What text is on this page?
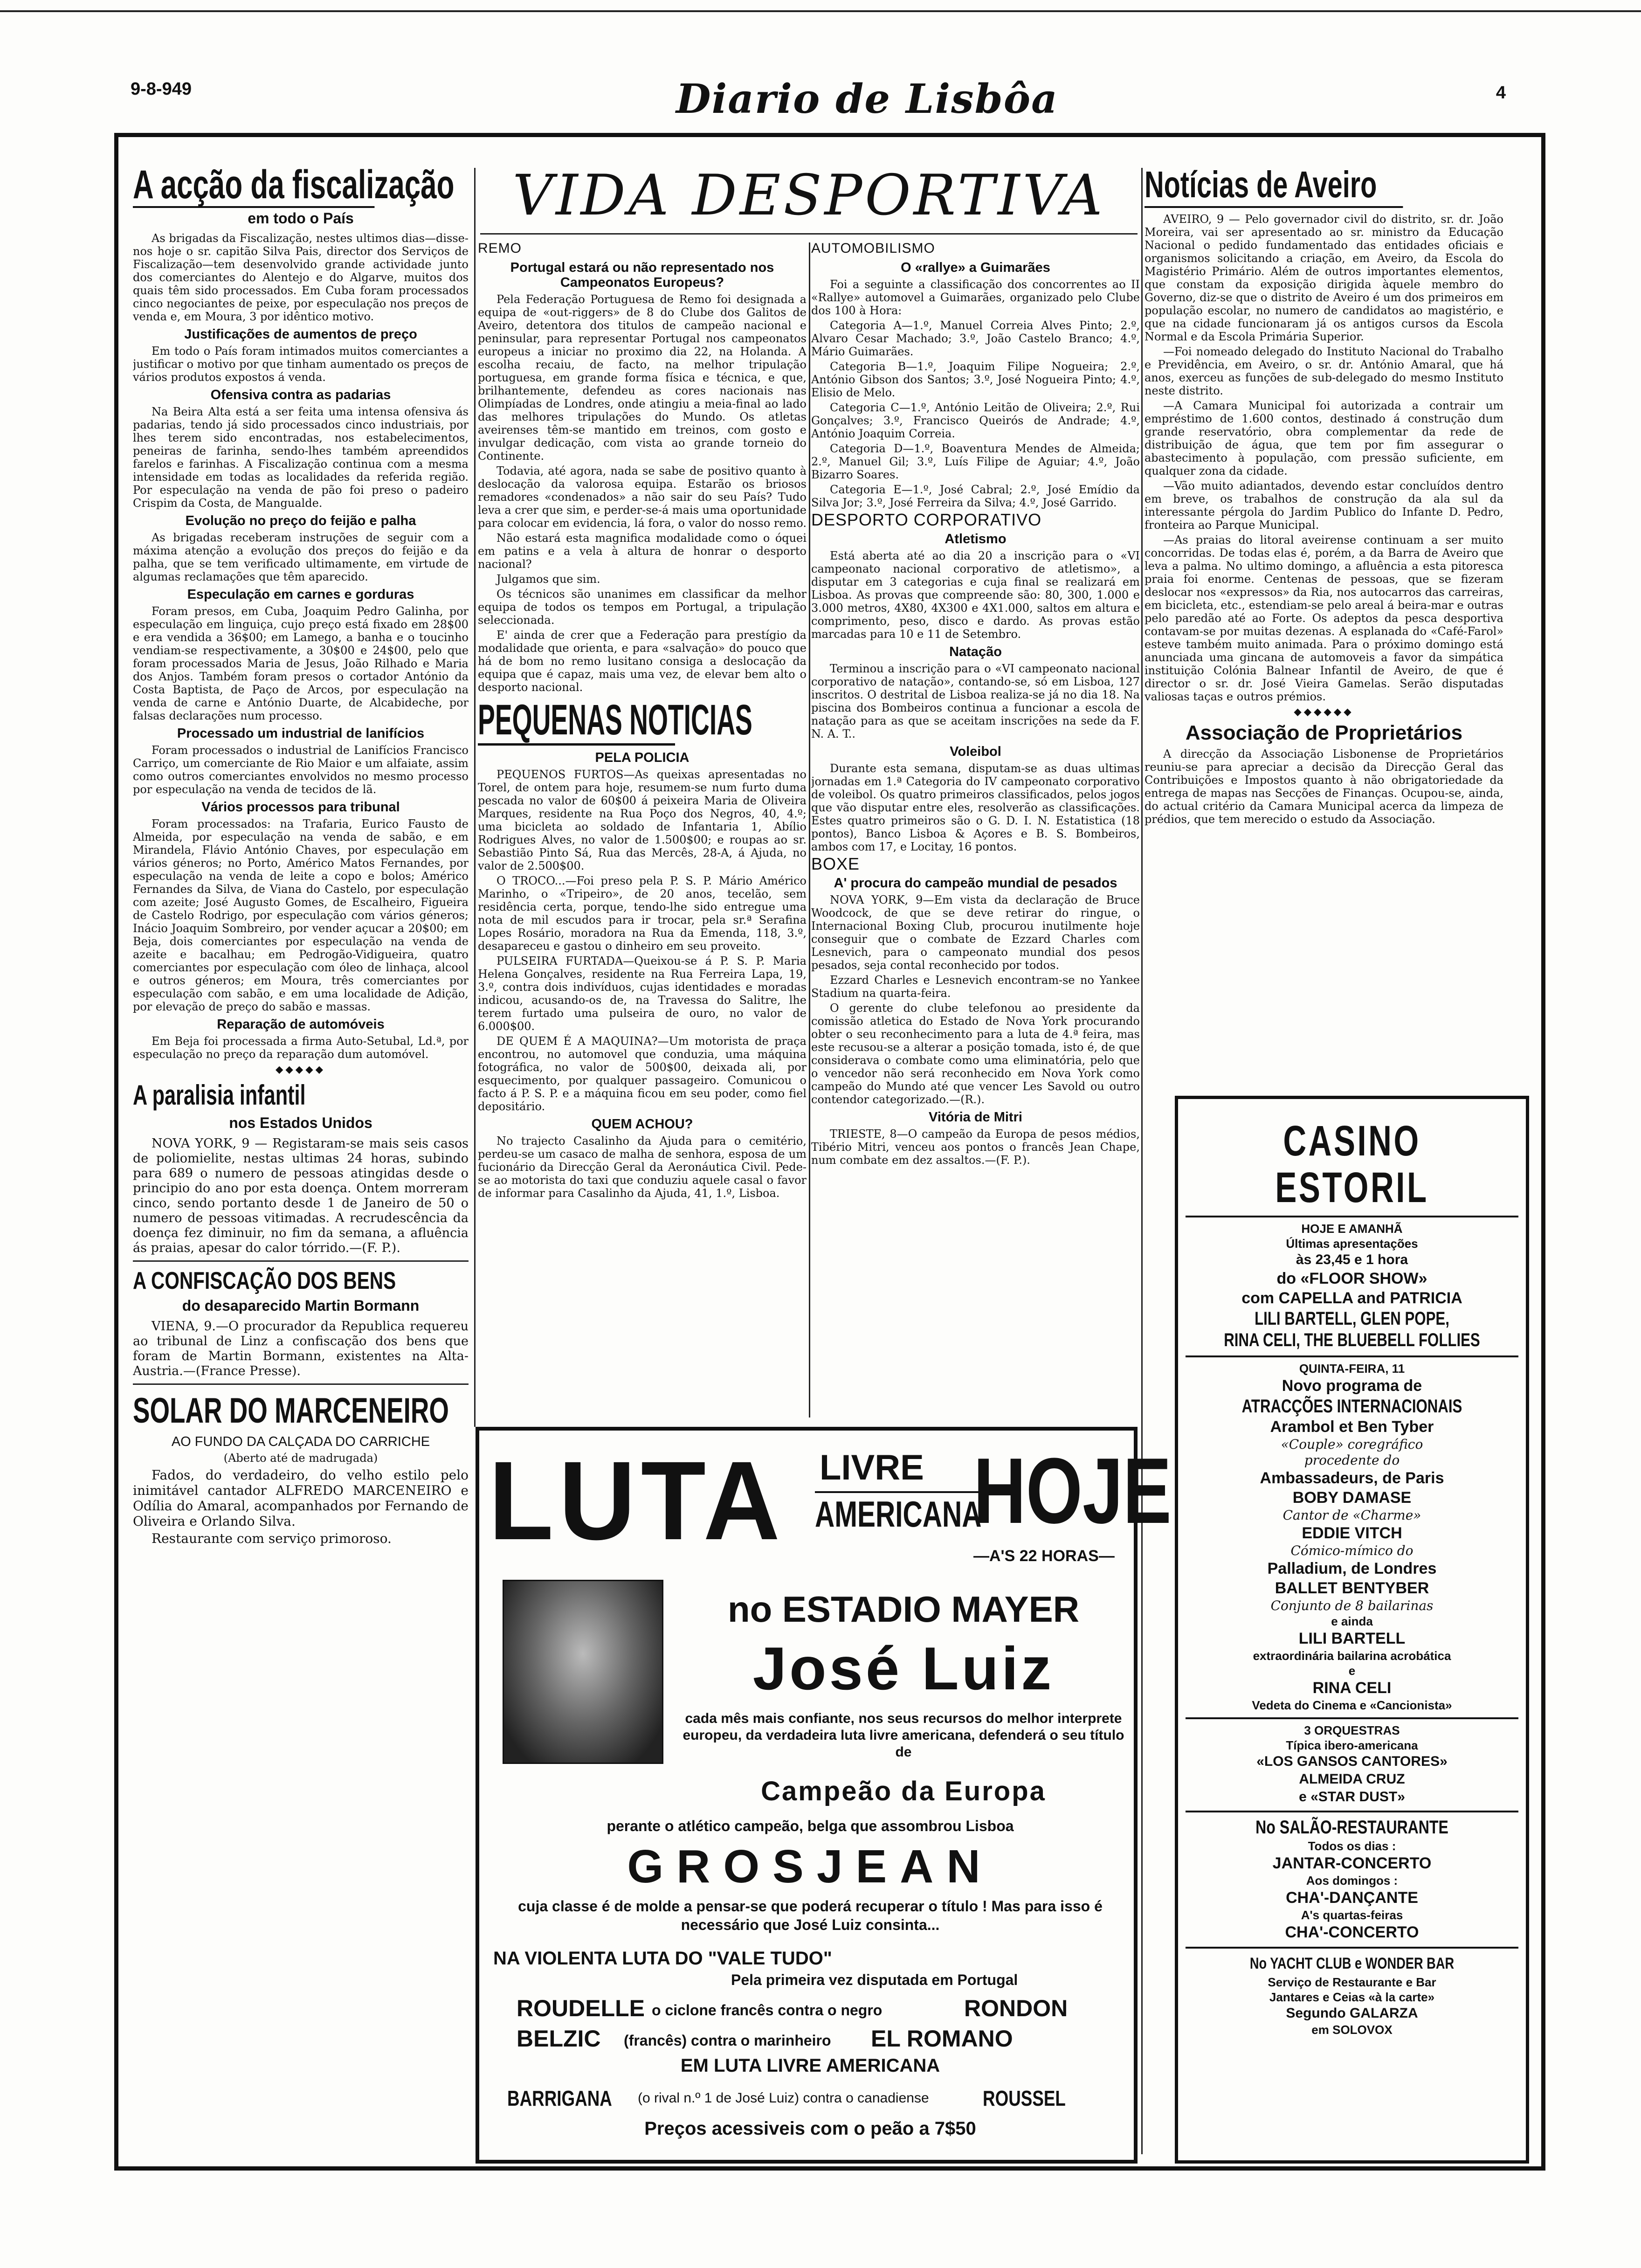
9-8-949	Diario de Lisbôa	4
A acção da fiscalização
em todo o País

As brigadas da Fiscalização, nestes ultimos dias—disse-nos hoje o sr. capitão Silva Pais, director dos Serviços de Fiscalização—tem desenvolvido grande actividade junto dos comerciantes do Alentejo e do Algarve, muitos dos quais têm sido processados. Em Cuba foram processados cinco negociantes de peixe, por especulação nos preços de venda e, em Moura, 3 por idêntico motivo.

Justificações de aumentos de preço

Em todo o País foram intimados muitos comerciantes a justificar o motivo por que tinham aumentado os preços de vários produtos expostos á venda.

Ofensiva contra as padarias

Na Beira Alta está a ser feita uma intensa ofensiva ás padarias, tendo já sido processados cinco industriais, por lhes terem sido encontradas, nos estabelecimentos, peneiras de farinha, sendo-lhes também apreendidos farelos e farinhas. A Fiscalização continua com a mesma intensidade em todas as localidades da referida região. Por especulação na venda de pão foi preso o padeiro Crispim da Costa, de Mangualde.

Evolução no preço do feijão e palha

As brigadas receberam instruções de seguir com a máxima atenção a evolução dos preços do feijão e da palha, que se tem verificado ultimamente, em virtude de algumas reclamações que têm aparecido.

Especulação em carnes e gorduras

Foram presos, em Cuba, Joaquim Pedro Galinha, por especulação em linguiça, cujo preço está fixado em 28$00 e era vendida a 36$00; em Lamego, a banha e o toucinho vendiam-se respectivamente, a 30$00 e 24$00, pelo que foram processados Maria de Jesus, João Rilhado e Maria dos Anjos. Também foram presos o cortador António da Costa Baptista, de Paço de Arcos, por especulação na venda de carne e António Duarte, de Alcabideche, por falsas declarações num processo.

Processado um industrial de lanifícios

Foram processados o industrial de Lanifícios Francisco Carriço, um comerciante de Rio Maior e um alfaiate, assim como outros comerciantes envolvidos no mesmo processo por especulação na venda de tecidos de lã.

Vários processos para tribunal

Foram processados: na Trafaria, Eurico Fausto de Almeida, por especulação na venda de sabão, e em Mirandela, Flávio António Chaves, por especulação em vários géneros; no Porto, Américo Matos Fernandes, por especulação na venda de leite a copo e bolos; Américo Fernandes da Silva, de Viana do Castelo, por especulação com azeite; José Augusto Gomes, de Escalheiro, Figueira de Castelo Rodrigo, por especulação com vários géneros; Inácio Joaquim Sombreiro, por vender açucar a 20$00; em Beja, dois comerciantes por especulação na venda de azeite e bacalhau; em Pedrogão-Vidigueira, quatro comerciantes por especulação com óleo de linhaça, alcool e outros géneros; em Moura, três comerciantes por especulação com sabão, e em uma localidade de Adição, por elevação de preço do sabão e massas.

Reparação de automóveis

Em Beja foi processada a firma Auto-Setubal, Ld.ª, por especulação no preço da reparação dum automóvel.

◆◆◆◆◆
A paralisia infantil
nos Estados Unidos

NOVA YORK, 9 — Registaram-se mais seis casos de poliomielite, nestas ultimas 24 horas, subindo para 689 o numero de pessoas atingidas desde o principio do ano por esta doença. Ontem morreram cinco, sendo portanto desde 1 de Janeiro de 50 o numero de pessoas vitimadas. A recrudescência da doença fez diminuir, no fim da semana, a afluência ás praias, apesar do calor tórrido.—(F. P.).

A CONFISCAÇÃO DOS BENS
do desaparecido Martin Bormann

VIENA, 9.—O procurador da Republica requereu ao tribunal de Linz a confiscação dos bens que foram de Martin Bormann, existentes na Alta-Austria.—(France Presse).

SOLAR DO MARCENEIRO
AO FUNDO DA CALÇADA DO CARRICHE
(Aberto até de madrugada)

Fados, do verdadeiro, do velho estilo pelo inimitável cantador ALFREDO MARCENEIRO e Odília do Amaral, acompanhados por Fernando de Oliveira e Orlando Silva.

Restaurante com serviço primoroso.

VIDA DESPORTIVA
REMO
Portugal estará ou não representado nos Campeonatos Europeus?

Pela Federação Portuguesa de Remo foi designada a equipa de «out-riggers» de 8 do Clube dos Galitos de Aveiro, detentora dos titulos de campeão nacional e peninsular, para representar Portugal nos campeonatos europeus a iniciar no proximo dia 22, na Holanda. A escolha recaiu, de facto, na melhor tripulação portuguesa, em grande forma física e técnica, e que, brilhantemente, defendeu as cores nacionais nas Olimpíadas de Londres, onde atingiu a meia-final ao lado das melhores tripulações do Mundo. Os atletas aveirenses têm-se mantido em treinos, com gosto e invulgar dedicação, com vista ao grande torneio do Continente.

Todavia, até agora, nada se sabe de positivo quanto à deslocação da valorosa equipa. Estarão os briosos remadores «condenados» a não sair do seu País? Tudo leva a crer que sim, e perder-se-á mais uma oportunidade para colocar em evidencia, lá fora, o valor do nosso remo.

Não estará esta magnifica modalidade como o óquei em patins e a vela à altura de honrar o desporto nacional?

Julgamos que sim.

Os técnicos são unanimes em classificar da melhor equipa de todos os tempos em Portugal, a tripulação seleccionada.

E' ainda de crer que a Federação para prestígio da modalidade que orienta, e para «salvação» do pouco que há de bom no remo lusitano consiga a deslocação da equipa que é capaz, mais uma vez, de elevar bem alto o desporto nacional.

PEQUENAS NOTICIAS
PELA POLICIA

PEQUENOS FURTOS—As queixas apresentadas no Torel, de ontem para hoje, resumem-se num furto duma pescada no valor de 60$00 á peixeira Maria de Oliveira Marques, residente na Rua Poço dos Negros, 40, 4.º; uma bicicleta ao soldado de Infantaria 1, Abílio Rodrigues Alves, no valor de 1.500$00; e roupas ao sr. Sebastião Pinto Sá, Rua das Mercês, 28-A, á Ajuda, no valor de 2.500$00.

O TROCO...—Foi preso pela P. S. P. Mário Américo Marinho, o «Tripeiro», de 20 anos, tecelão, sem residência certa, porque, tendo-lhe sido entregue uma nota de mil escudos para ir trocar, pela sr.ª Serafina Lopes Rosário, moradora na Rua da Emenda, 118, 3.º, desapareceu e gastou o dinheiro em seu proveito.

PULSEIRA FURTADA—Queixou-se á P. S. P. Maria Helena Gonçalves, residente na Rua Ferreira Lapa, 19, 3.º, contra dois indivíduos, cujas identidades e moradas indicou, acusando-os de, na Travessa do Salitre, lhe terem furtado uma pulseira de ouro, no valor de 6.000$00.

DE QUEM É A MAQUINA?—Um motorista de praça encontrou, no automovel que conduzia, uma máquina fotográfica, no valor de 500$00, deixada ali, por esquecimento, por qualquer passageiro. Comunicou o facto á P. S. P. e a máquina ficou em seu poder, como fiel depositário.

QUEM ACHOU?

No trajecto Casalinho da Ajuda para o cemitério, perdeu-se um casaco de malha de senhora, esposa de um fucionário da Direcção Geral da Aeronáutica Civil. Pede-se ao motorista do taxi que conduziu aquele casal o favor de informar para Casalinho da Ajuda, 41, 1.º, Lisboa.

AUTOMOBILISMO
O «rallye» a Guimarães

Foi a seguinte a classificação dos concorrentes ao II «Rallye» automovel a Guimarães, organizado pelo Clube dos 100 à Hora:

Categoria A—1.º, Manuel Correia Alves Pinto; 2.º, Alvaro Cesar Machado; 3.º, João Castelo Branco; 4.º, Mário Guimarães.

Categoria B—1.º, Joaquim Filipe Nogueira; 2.º, António Gibson dos Santos; 3.º, José Nogueira Pinto; 4.º, Elisio de Melo.

Categoria C—1.º, António Leitão de Oliveira; 2.º, Rui Gonçalves; 3.º, Francisco Queirós de Andrade; 4.º, António Joaquim Correia.

Categoria D—1.º, Boaventura Mendes de Almeida; 2.º, Manuel Gil; 3.º, Luís Filipe de Aguiar; 4.º, João Bizarro Soares.

Categoria E—1.º, José Cabral; 2.º, José Emídio da Silva Jor; 3.º, José Ferreira da Silva; 4.º, José Garrido.

DESPORTO CORPORATIVO
Atletismo

Está aberta até ao dia 20 a inscrição para o «VI campeonato nacional corporativo de atletismo», a disputar em 3 categorias e cuja final se realizará em Lisboa. As provas que compreende são: 80, 300, 1.000 e 3.000 metros, 4X80, 4X300 e 4X1.000, saltos em altura e comprimento, peso, disco e dardo. As provas estão marcadas para 10 e 11 de Setembro.

Natação

Terminou a inscrição para o «VI campeonato nacional corporativo de natação», contando-se, só em Lisboa, 127 inscritos. O destrital de Lisboa realiza-se já no dia 18. Na piscina dos Bombeiros continua a funcionar a escola de natação para as que se aceitam inscrições na sede da F. N. A. T..

Voleibol

Durante esta semana, disputam-se as duas ultimas jornadas em 1.ª Categoria do IV campeonato corporativo de voleibol. Os quatro primeiros classificados, pelos jogos que vão disputar entre eles, resolverão as classificações. Estes quatro primeiros são o G. D. I. N. Estatistica (18 pontos), Banco Lisboa & Açores e B. S. Bombeiros, ambos com 17, e Locitay, 16 pontos.

BOXE
A' procura do campeão mundial de pesados

NOVA YORK, 9—Em vista da declaração de Bruce Woodcock, de que se deve retirar do ringue, o Internacional Boxing Club, procurou inutilmente hoje conseguir que o combate de Ezzard Charles com Lesnevich, para o campeonato mundial dos pesos pesados, seja contal reconhecido por todos.

Ezzard Charles e Lesnevich encontram-se no Yankee Stadium na quarta-feira.

O gerente do clube telefonou ao presidente da comissão atletica do Estado de Nova York procurando obter o seu reconhecimento para a luta de 4.ª feira, mas este recusou-se a alterar a posição tomada, isto é, de que considerava o combate como uma eliminatória, pelo que o vencedor não será reconhecido em Nova York como campeão do Mundo até que vencer Les Savold ou outro contendor categorizado.—(R.).

Vitória de Mitri

TRIESTE, 8—O campeão da Europa de pesos médios, Tibério Mitri, venceu aos pontos o francês Jean Chape, num combate em dez assaltos.—(F. P.).

Notícias de Aveiro

AVEIRO, 9 — Pelo governador civil do distrito, sr. dr. João Moreira, vai ser apresentado ao sr. ministro da Educação Nacional o pedido fundamentado das entidades oficiais e organismos solicitando a criação, em Aveiro, da Escola do Magistério Primário. Além de outros importantes elementos, que constam da exposição dirigida àquele membro do Governo, diz-se que o distrito de Aveiro é um dos primeiros em população escolar, no numero de candidatos ao magistério, e que na cidade funcionaram já os antigos cursos da Escola Normal e da Escola Primária Superior.

—Foi nomeado delegado do Instituto Nacional do Trabalho e Previdência, em Aveiro, o sr. dr. António Amaral, que há anos, exerceu as funções de sub-delegado do mesmo Instituto neste distrito.

—A Camara Municipal foi autorizada a contrair um empréstimo de 1.600 contos, destinado á construção dum grande reservatório, obra complementar da rede de distribuição de água, que tem por fim assegurar o abastecimento à população, com pressão suficiente, em qualquer zona da cidade.

—Vão muito adiantados, devendo estar concluídos dentro em breve, os trabalhos de construção da ala sul da interessante pérgola do Jardim Publico do Infante D. Pedro, fronteira ao Parque Municipal.

—As praias do litoral aveirense continuam a ser muito concorridas. De todas elas é, porém, a da Barra de Aveiro que leva a palma. No ultimo domingo, a afluência a esta pitoresca praia foi enorme. Centenas de pessoas, que se fizeram deslocar nos «expressos» da Ria, nos autocarros das carreiras, em bicicleta, etc., estendiam-se pelo areal á beira-mar e outras pelo paredão até ao Forte. Os adeptos da pesca desportiva contavam-se por muitas dezenas. A esplanada do «Café-Farol» esteve também muito animada. Para o próximo domingo está anunciada uma gincana de automoveis a favor da simpática instituição Colónia Balnear Infantil de Aveiro, de que é director o sr. dr. José Vieira Gamelas. Serão disputadas valiosas taças e outros prémios.

◆◆◆◆◆◆
Associação de Proprietários

A direcção da Associação Lisbonense de Proprietários reuniu-se para apreciar a decisão da Direcção Geral das Contribuições e Impostos quanto à não obrigatoriedade da entrega de mapas nas Secções de Finanças. Ocupou-se, ainda, do actual critério da Camara Municipal acerca da limpeza de prédios, que tem merecido o estudo da Associação.

CASINO ESTORIL
HOJE E AMANHÃ
Últimas apresentações
às 23,45 e 1 hora
do «FLOOR SHOW»
com CAPELLA and PATRICIA
LILI BARTELL, GLEN POPE,
RINA CELI, THE BLUEBELL FOLLIES
QUINTA-FEIRA, 11
Novo programa de
ATRACÇÕES INTERNACIONAIS
Arambol et Ben Tyber
«Couple» coregráfico
procedente do
Ambassadeurs, de Paris
BOBY DAMASE
Cantor de «Charme»
EDDIE VITCH
Cómico-mímico do
Palladium, de Londres
BALLET BENTYBER
Conjunto de 8 bailarinas
e ainda
LILI BARTELL
extraordinária bailarina acrobática
e
RINA CELI
Vedeta do Cinema e «Cancionista»
3 ORQUESTRAS
Típica ibero-americana
«LOS GANSOS CANTORES»
ALMEIDA CRUZ
e «STAR DUST»
No SALÃO-RESTAURANTE
Todos os dias :
JANTAR-CONCERTO
Aos domingos :
CHA'-DANÇANTE
A's quartas-feiras
CHA'-CONCERTO
No YACHT CLUB e WONDER BAR
Serviço de Restaurante e Bar
Jantares e Ceias «à la carte»
Segundo GALARZA
em SOLOVOX
LUTA LIVRE
AMERICANA
HOJE
—A'S 22 HORAS—
no ESTADIO MAYER
José Luiz
cada mês mais confiante, nos seus recursos do melhor interprete europeu, da verdadeira luta livre americana, defenderá o seu título de
Campeão da Europa
perante o atlético campeão, belga que assombrou Lisboa
GROSJEAN
cuja classe é de molde a pensar-se que poderá recuperar o título ! Mas para isso é necessário que José Luiz consinta...
NA VIOLENTA LUTA DO "VALE TUDO"
Pela primeira vez disputada em Portugal
ROUDELLE o ciclone francês contra o negro	RONDON
BELZIC (francês) contra o marinheiro EL ROMANO
EM LUTA LIVRE AMERICANA
BARRIGANA (o rival n.º 1 de José Luiz) contra o canadiense	ROUSSEL
Preços acessiveis com o peão a 7$50
